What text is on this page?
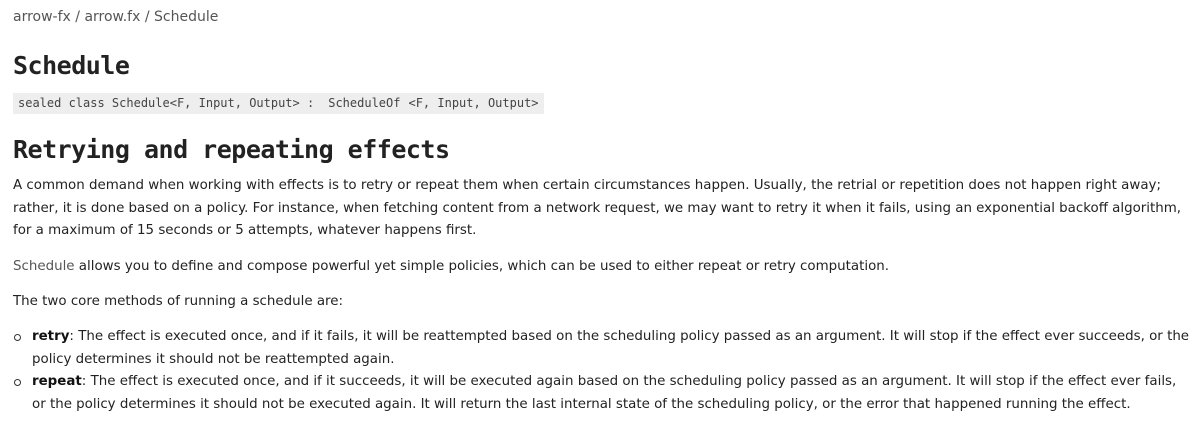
arrow-fx / arrow.fx / Schedule
Schedule
sealed class Schedule<F, Input, Output> : ScheduleOf <F, Input, Output>
Retrying and repeating effects

A common demand when working with effects is to retry or repeat them when certain circumstances happen. Usually, the retrial or repetition does not happen right away; rather, it is done based on a policy. For instance, when fetching content from a network request, we may want to retry it when it fails, using an exponential backoff algorithm, for a maximum of 15 seconds or 5 attempts, whatever happens first.

Schedule allows you to define and compose powerful yet simple policies, which can be used to either repeat or retry computation.

The two core methods of running a schedule are:

retry: The effect is executed once, and if it fails, it will be reattempted based on the scheduling policy passed as an argument. It will stop if the effect ever succeeds, or the policy determines it should not be reattempted again.
repeat: The effect is executed once, and if it succeeds, it will be executed again based on the scheduling policy passed as an argument. It will stop if the effect ever fails, or the policy determines it should not be executed again. It will return the last internal state of the scheduling policy, or the error that happened running the effect.
